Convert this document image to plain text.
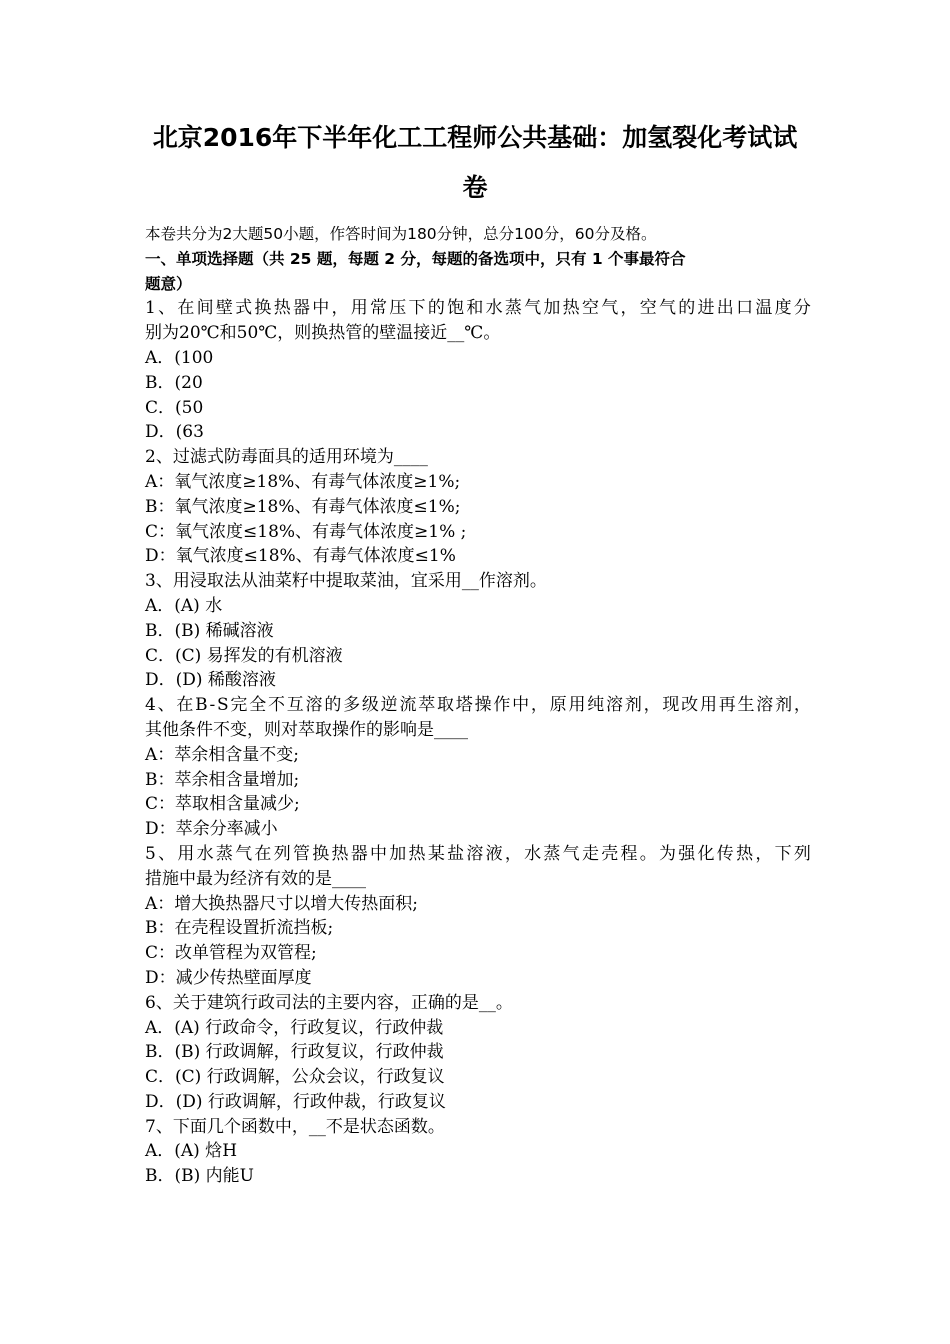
北京2016年下半年化工工程师公共基础：加氢裂化考试试
卷
本卷共分为2大题50小题，作答时间为180分钟，总分100分，60分及格。
一、单项选择题（共 25 题，每题 2 分，每题的备选项中，只有 1 个事最符合
题意）
1 、 在 间 壁 式 换 热 器 中 ， 用 常 压 下 的 饱 和 水 蒸 气 加 热 空 气 ， 空 气 的 进 出 口 温 度 分
别为20℃和50℃，则换热管的壁温接近__℃。
A．(100
B．(20
C．(50
D．(63
2、过滤式防毒面具的适用环境为____
A：氧气浓度≥18%、有毒气体浓度≥1%;
B：氧气浓度≥18%、有毒气体浓度≤1%;
C：氧气浓度≤18%、有毒气体浓度≥1% ;
D：氧气浓度≤18%、有毒气体浓度≤1%
3、用浸取法从油菜籽中提取菜油，宜采用__作溶剂。
A．(A) 水
B．(B) 稀碱溶液
C．(C) 易挥发的有机溶液
D．(D) 稀酸溶液
4 、 在 B - S 完 全 不 互 溶 的 多 级 逆 流 萃 取 塔 操 作 中 ， 原 用 纯 溶 剂 ， 现 改 用 再 生 溶 剂 ，
其他条件不变，则对萃取操作的影响是____
A：萃余相含量不变;
B：萃余相含量增加;
C：萃取相含量减少;
D：萃余分率减小
5 、 用 水 蒸 气 在 列 管 换 热 器 中 加 热 某 盐 溶 液 ， 水 蒸 气 走 壳 程 。 为 强 化 传 热 ， 下 列
措施中最为经济有效的是____
A：增大换热器尺寸以增大传热面积;
B：在壳程设置折流挡板;
C：改单管程为双管程;
D：减少传热壁面厚度
6、关于建筑行政司法的主要内容，正确的是__。
A．(A) 行政命令，行政复议，行政仲裁
B．(B) 行政调解，行政复议，行政仲裁
C．(C) 行政调解，公众会议，行政复议
D．(D) 行政调解，行政仲裁，行政复议
7、下面几个函数中，__不是状态函数。
A．(A) 焓H
B．(B) 内能U
